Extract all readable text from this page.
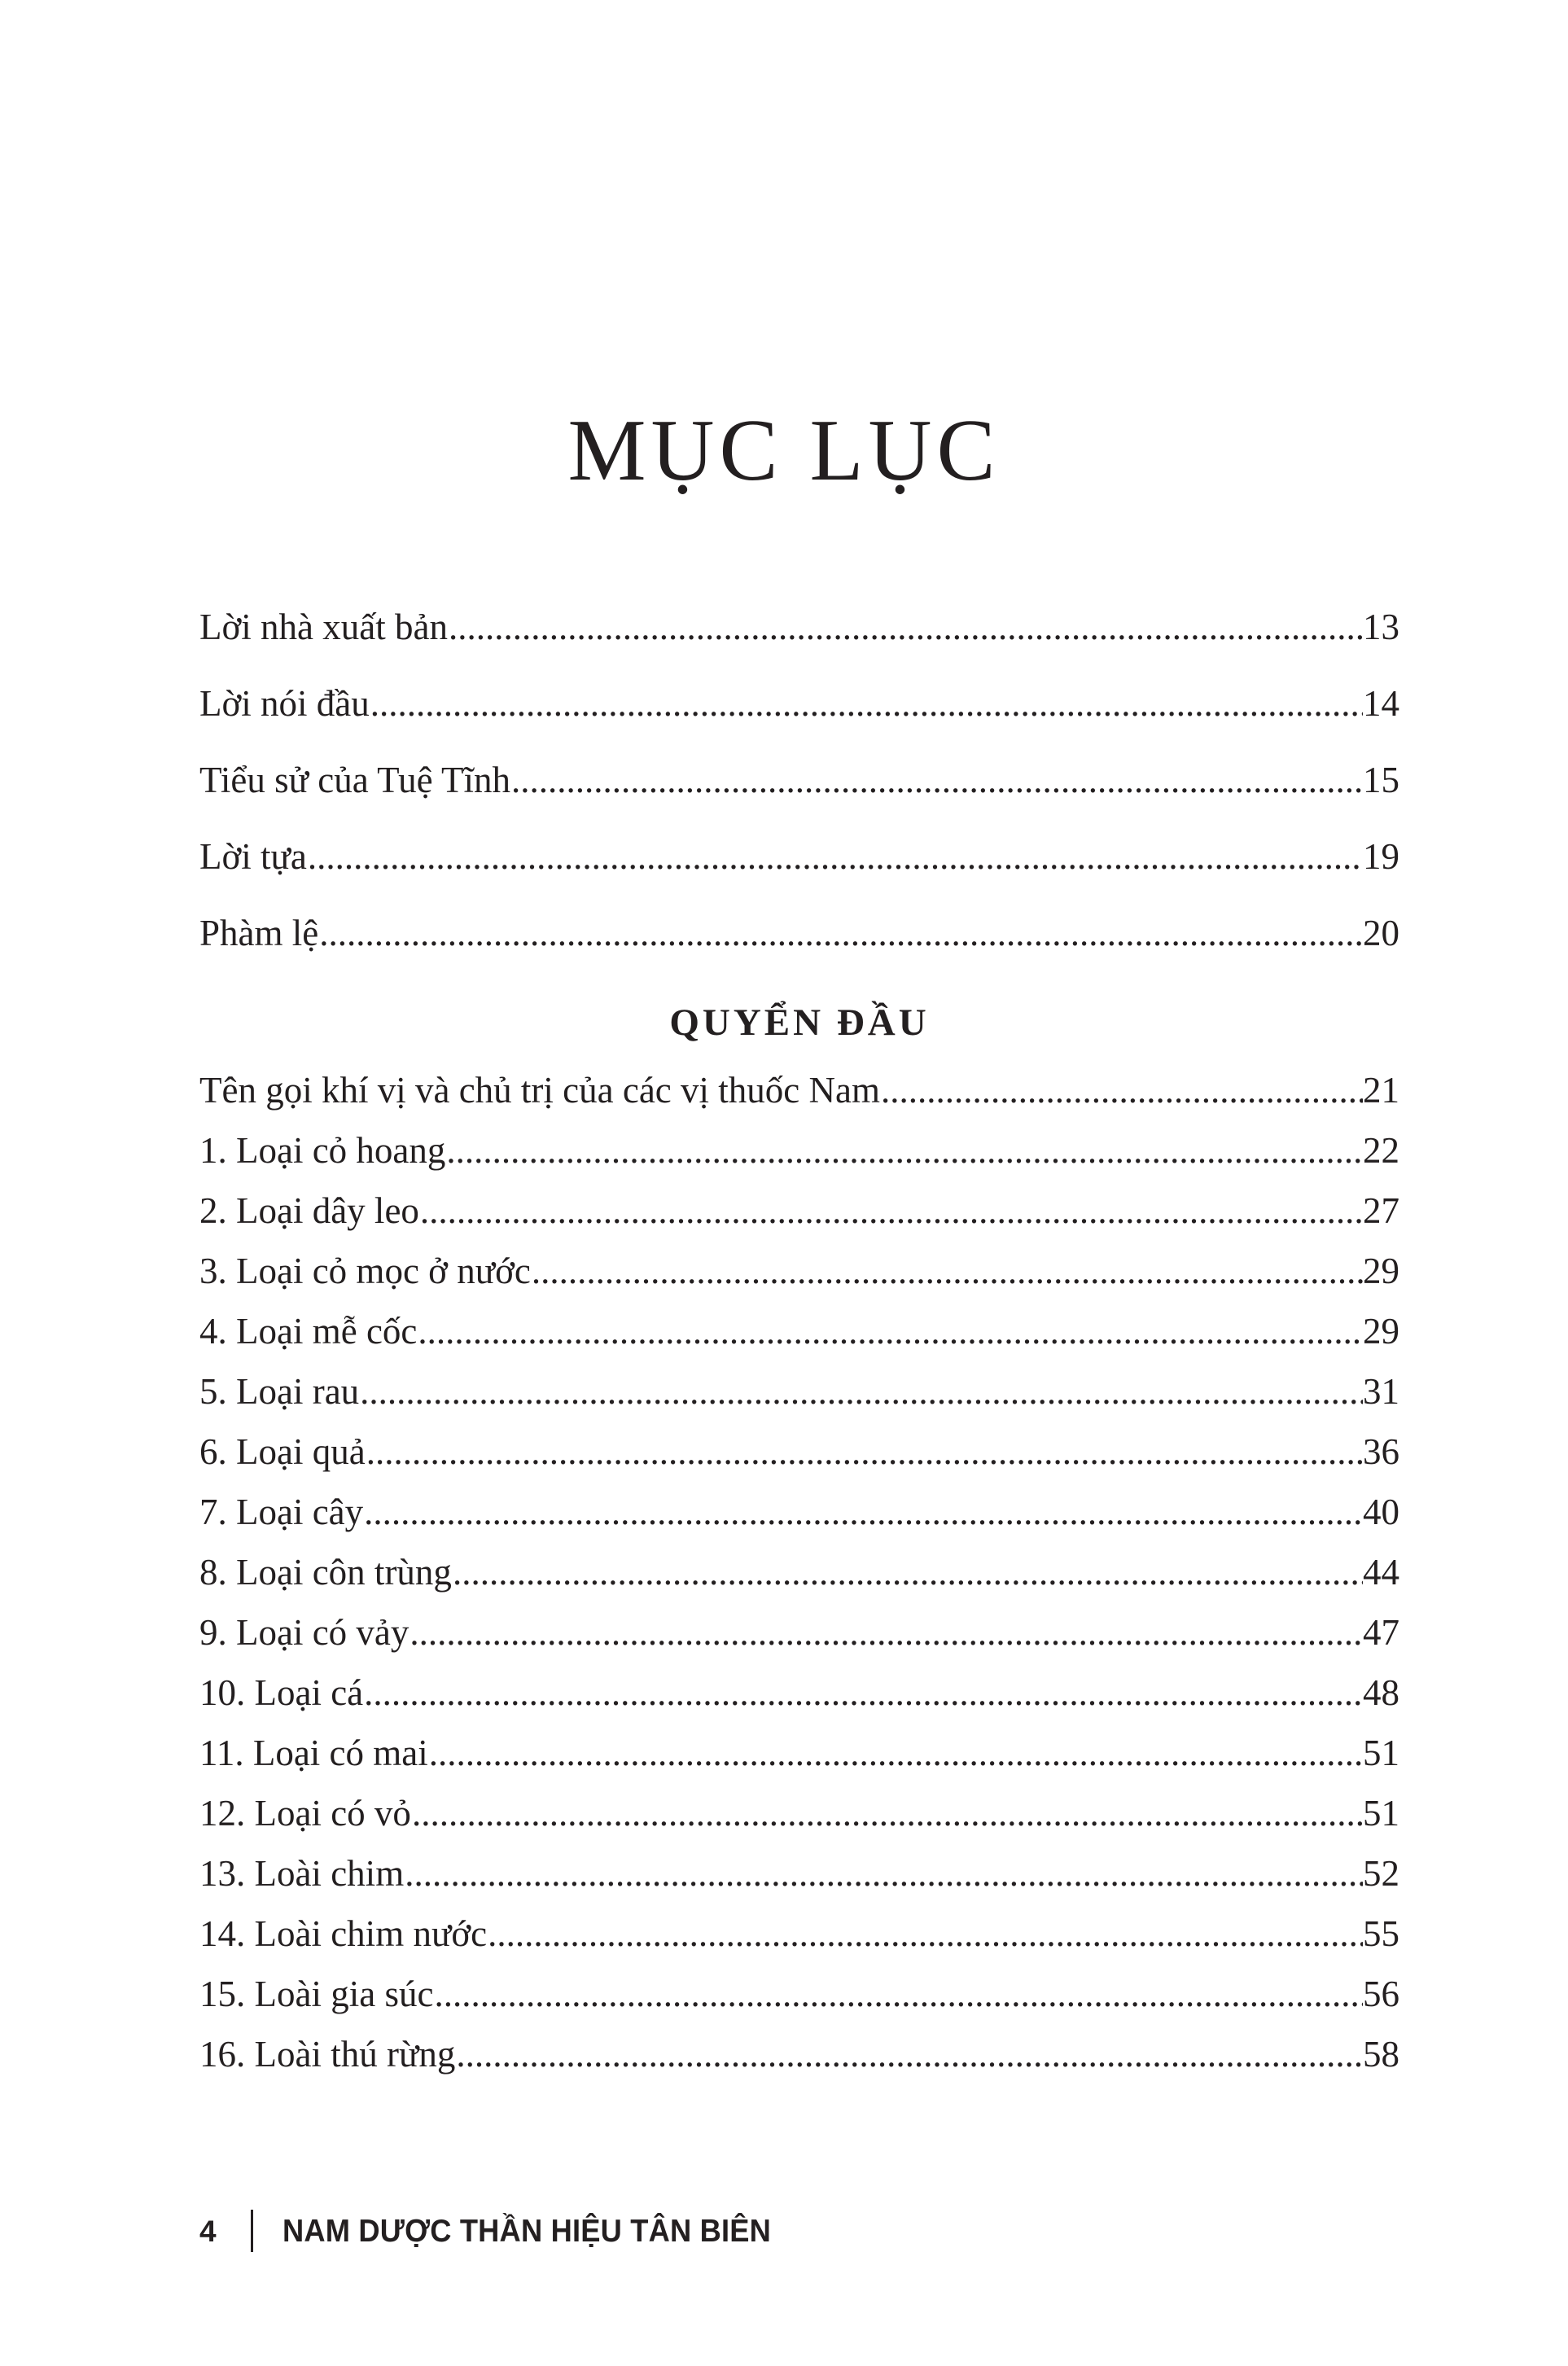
MỤC LỤC
Lời nhà xuất bản .....	13
Lời nói đầu .....	14
Tiểu sử của Tuệ Tĩnh .....	15
Lời tựa .....	19
Phàm lệ .....	20
QUYỂN ĐẦU
Tên gọi khí vị và chủ trị của các vị thuốc Nam .....	21
1. Loại cỏ hoang .....	22
2. Loại dây leo .....	27
3. Loại cỏ mọc ở nước .....	29
4. Loại mễ cốc .....	29
5. Loại rau .....	31
6. Loại quả .....	36
7. Loại cây .....	40
8. Loại côn trùng .....	44
9. Loại có vảy .....	47
10. Loại cá .....	48
11. Loại có mai .....	51
12. Loại có vỏ .....	51
13. Loài chim .....	52
14. Loài chim nước .....	55
15. Loài gia súc .....	56
16. Loài thú rừng .....	58
4 NAM DƯỢC THẦN HIỆU TÂN BIÊN
